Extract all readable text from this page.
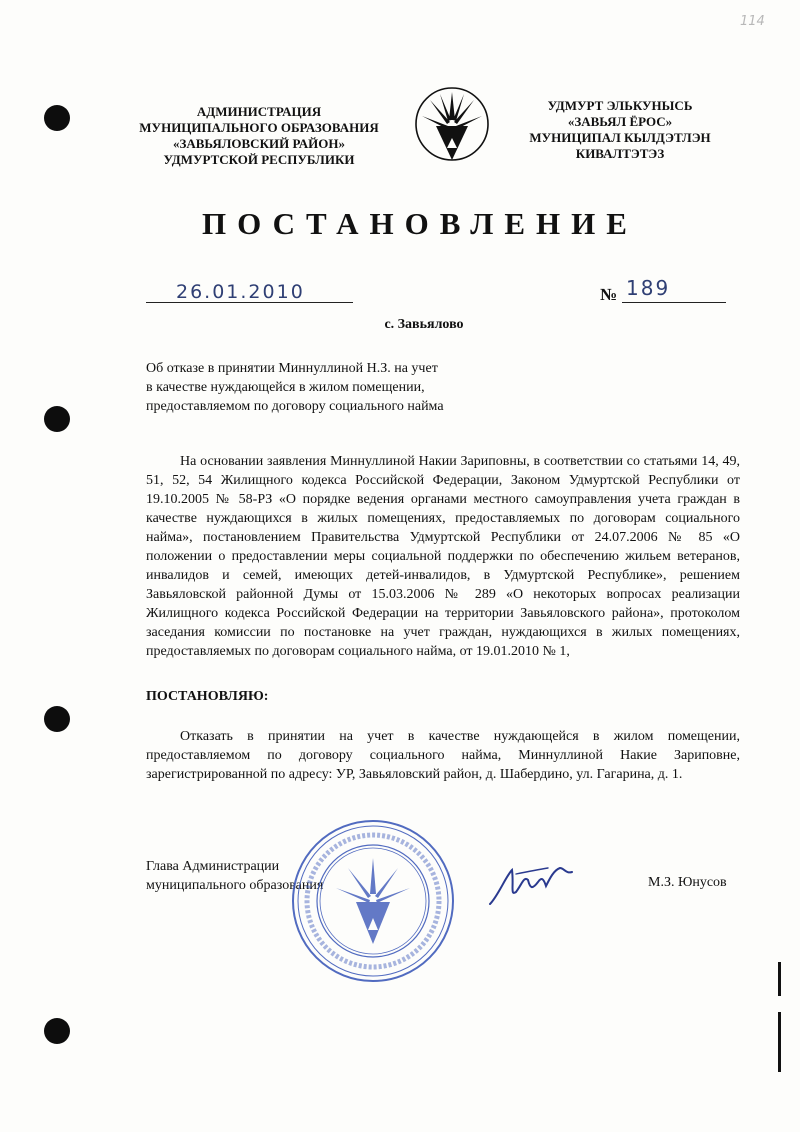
114
АДМИНИСТРАЦИЯ
МУНИЦИПАЛЬНОГО ОБРАЗОВАНИЯ
«ЗАВЬЯЛОВСКИЙ РАЙОН»
УДМУРТСКОЙ РЕСПУБЛИКИ
УДМУРТ ЭЛЬКУНЫСЬ
«ЗАВЬЯЛ ЁРОС»
МУНИЦИПАЛ КЫЛДЭТЛЭН
КИВАЛТЭТЭЗ
ПОСТАНОВЛЕНИЕ
26.01.2010	№ 189
с. Завьялово
Об отказе в принятии Миннуллиной Н.З. на учет
в качестве нуждающейся в жилом помещении,
предоставляемом по договору социального найма

На основании заявления Миннуллиной Накии Зариповны, в соответствии со статьями 14, 49, 51, 52, 54 Жилищного кодекса Российской Федерации, Законом Удмуртской Республики от 19.10.2005 № 58-РЗ «О порядке ведения органами местного самоуправления учета граждан в качестве нуждающихся в жилых помещениях, предоставляемых по договорам социального найма», постановлением Правительства Удмуртской Республики от 24.07.2006 № 85 «О положении о предоставлении меры социальной поддержки по обеспечению жильем ветеранов, инвалидов и семей, имеющих детей-инвалидов, в Удмуртской Республике», решением Завьяловской районной Думы от 15.03.2006 № 289 «О некоторых вопросах реализации Жилищного кодекса Российской Федерации на территории Завьяловского района», протоколом заседания комиссии по постановке на учет граждан, нуждающихся в жилых помещениях, предоставляемых по договорам социального найма, от 19.01.2010 № 1,

ПОСТАНОВЛЯЮ:

Отказать в принятии на учет в качестве нуждающейся в жилом помещении, предоставляемом по договору социального найма, Миннуллиной Накие Зариповне, зарегистрированной по адресу: УР, Завьяловский район, д. Шабердино, ул. Гагарина, д. 1.

Глава Администрации
муниципального образования	М.З. Юнусов
